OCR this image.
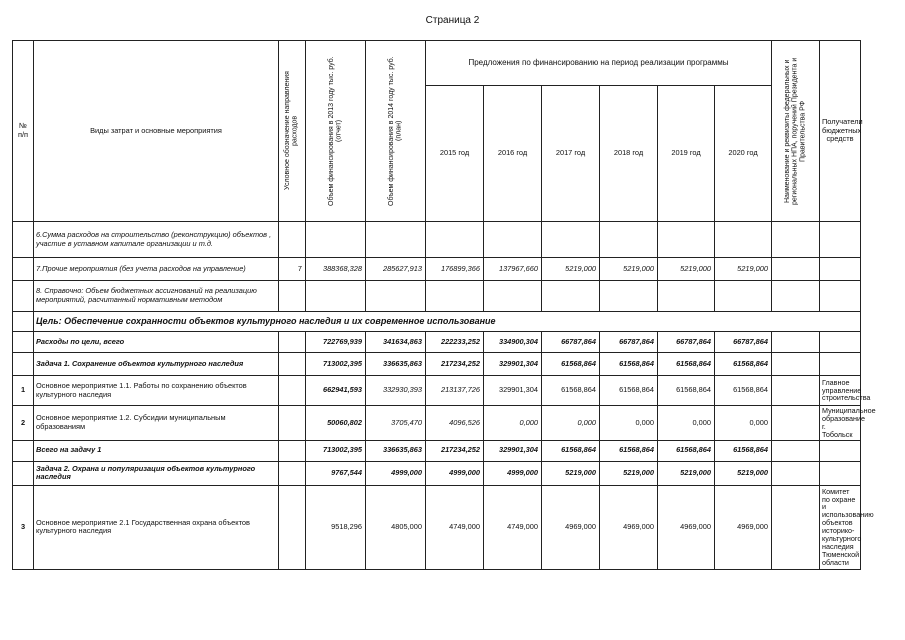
Страница 2
№ п/п	Виды затрат и основные мероприятия	Условное обозначение направления расходов	Объем финансирования в 2013 году тыс. руб.(отчет)	Объем финансирования в 2014 году тыс. руб.(план)	Предложения по финансированию на период реализации программы						Наименование и реквизиты федеральных и региональных НПА, поручений Президента и Правительства РФ	Получатели бюджетных средств
					2015 год	2016 год	2017 год	2018 год	2019 год	2020 год		
	6.Сумма расходов на строительство (реконструкцию) объектов , участие в уставном капитале организации и т.д.											
	7.Прочие мероприятия (без учета расходов на управление)	7	388368,328	285627,913	176899,366	137967,660	5219,000	5219,000	5219,000	5219,000		
	8. Справочно: Объем бюджетных ассигнований на реализацию мероприятий, расчитанный нормативным методом											
	Цель: Обеспечение сохранности объектов культурного наследия и их современное использование											
	Расходы по цели, всего		722769,939	341634,863	222233,252	334900,304	66787,864	66787,864	66787,864	66787,864		
	Задача 1. Сохранение объектов культурного наследия		713002,395	336635,863	217234,252	329901,304	61568,864	61568,864	61568,864	61568,864		
1	Основное мероприятие 1.1. Работы по сохранению объектов культурного наследия		662941,593	332930,393	213137,726	329901,304	61568,864	61568,864	61568,864	61568,864		Главное управление строительства
2	Основное мероприятие 1.2. Субсидии муниципальным образованиям		50060,802	3705,470	4096,526	0,000	0,000	0,000	0,000	0,000		Муниципальное образование г. Тобольск
	Всего на задачу 1		713002,395	336635,863	217234,252	329901,304	61568,864	61568,864	61568,864	61568,864		
	Задача 2. Охрана и популяризация объектов культурного наследия		9767,544	4999,000	4999,000	4999,000	5219,000	5219,000	5219,000	5219,000		
3	Основное мероприятие 2.1 Государственная охрана объектов культурного наследия		9518,296	4805,000	4749,000	4749,000	4969,000	4969,000	4969,000	4969,000		Комитет по охране и использованию объектов историко-культурного наследия Тюменской области
